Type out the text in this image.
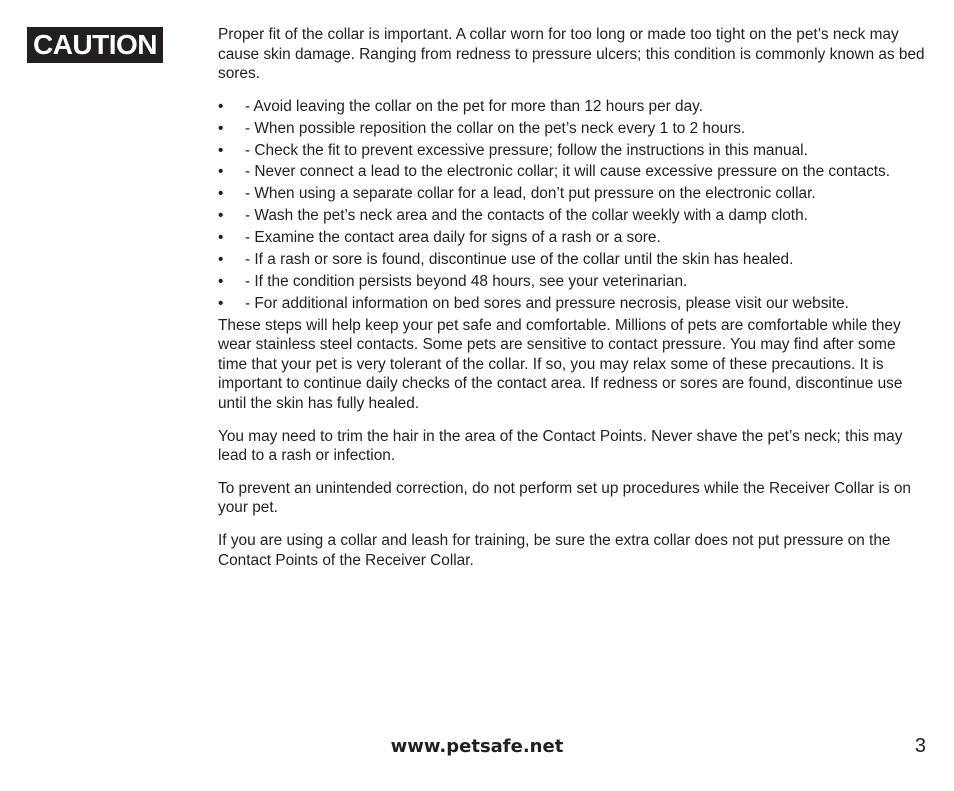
CAUTION	Proper fit of the collar is important. A collar worn for too long or made too tight on the pet’s neck may cause skin damage. Ranging from redness to pressure ulcers; this condition is commonly known as bed sores.

• - Avoid leaving the collar on the pet for more than 12 hours per day.
• - When possible reposition the collar on the pet’s neck every 1 to 2 hours.
• - Check the fit to prevent excessive pressure; follow the instructions in this manual.
• - Never connect a lead to the electronic collar; it will cause excessive pressure on the contacts.
• - When using a separate collar for a lead, don’t put pressure on the electronic collar.
• - Wash the pet’s neck area and the contacts of the collar weekly with a damp cloth.
• - Examine the contact area daily for signs of a rash or a sore.
• - If a rash or sore is found, discontinue use of the collar until the skin has healed.
• - If the condition persists beyond 48 hours, see your veterinarian.
• - For additional information on bed sores and pressure necrosis, please visit our website.

These steps will help keep your pet safe and comfortable. Millions of pets are comfortable while they wear stainless steel contacts. Some pets are sensitive to contact pressure. You may find after some time that your pet is very tolerant of the collar. If so, you may relax some of these precautions. It is important to continue daily checks of the contact area. If redness or sores are found, discontinue use until the skin has fully healed.

You may need to trim the hair in the area of the Contact Points. Never shave the pet’s neck; this may lead to a rash or infection.

To prevent an unintended correction, do not perform set up procedures while the Receiver Collar is on your pet.

If you are using a collar and leash for training, be sure the extra collar does not put pressure on the Contact Points of the Receiver Collar.

www.petsafe.net	3
